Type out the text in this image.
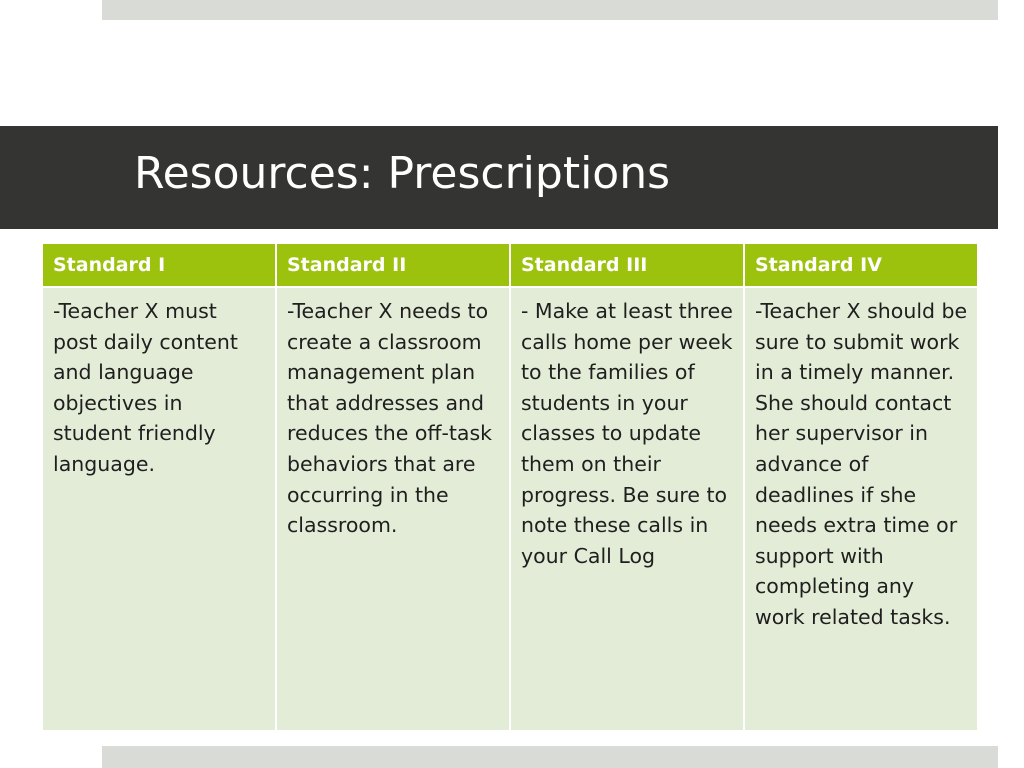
Resources: Prescriptions
Standard I	Standard II	Standard III	Standard IV

-Teacher X must post daily content and language objectives in student friendly language.	-Teacher X needs to create a classroom management plan that addresses and reduces the off-task behaviors that are occurring in the classroom.	- Make at least three calls home per week to the families of students in your classes to update them on their progress. Be sure to note these calls in your Call Log	-Teacher X should be sure to submit work in a timely manner. She should contact her supervisor in advance of deadlines if she needs extra time or support with completing any work related tasks.
